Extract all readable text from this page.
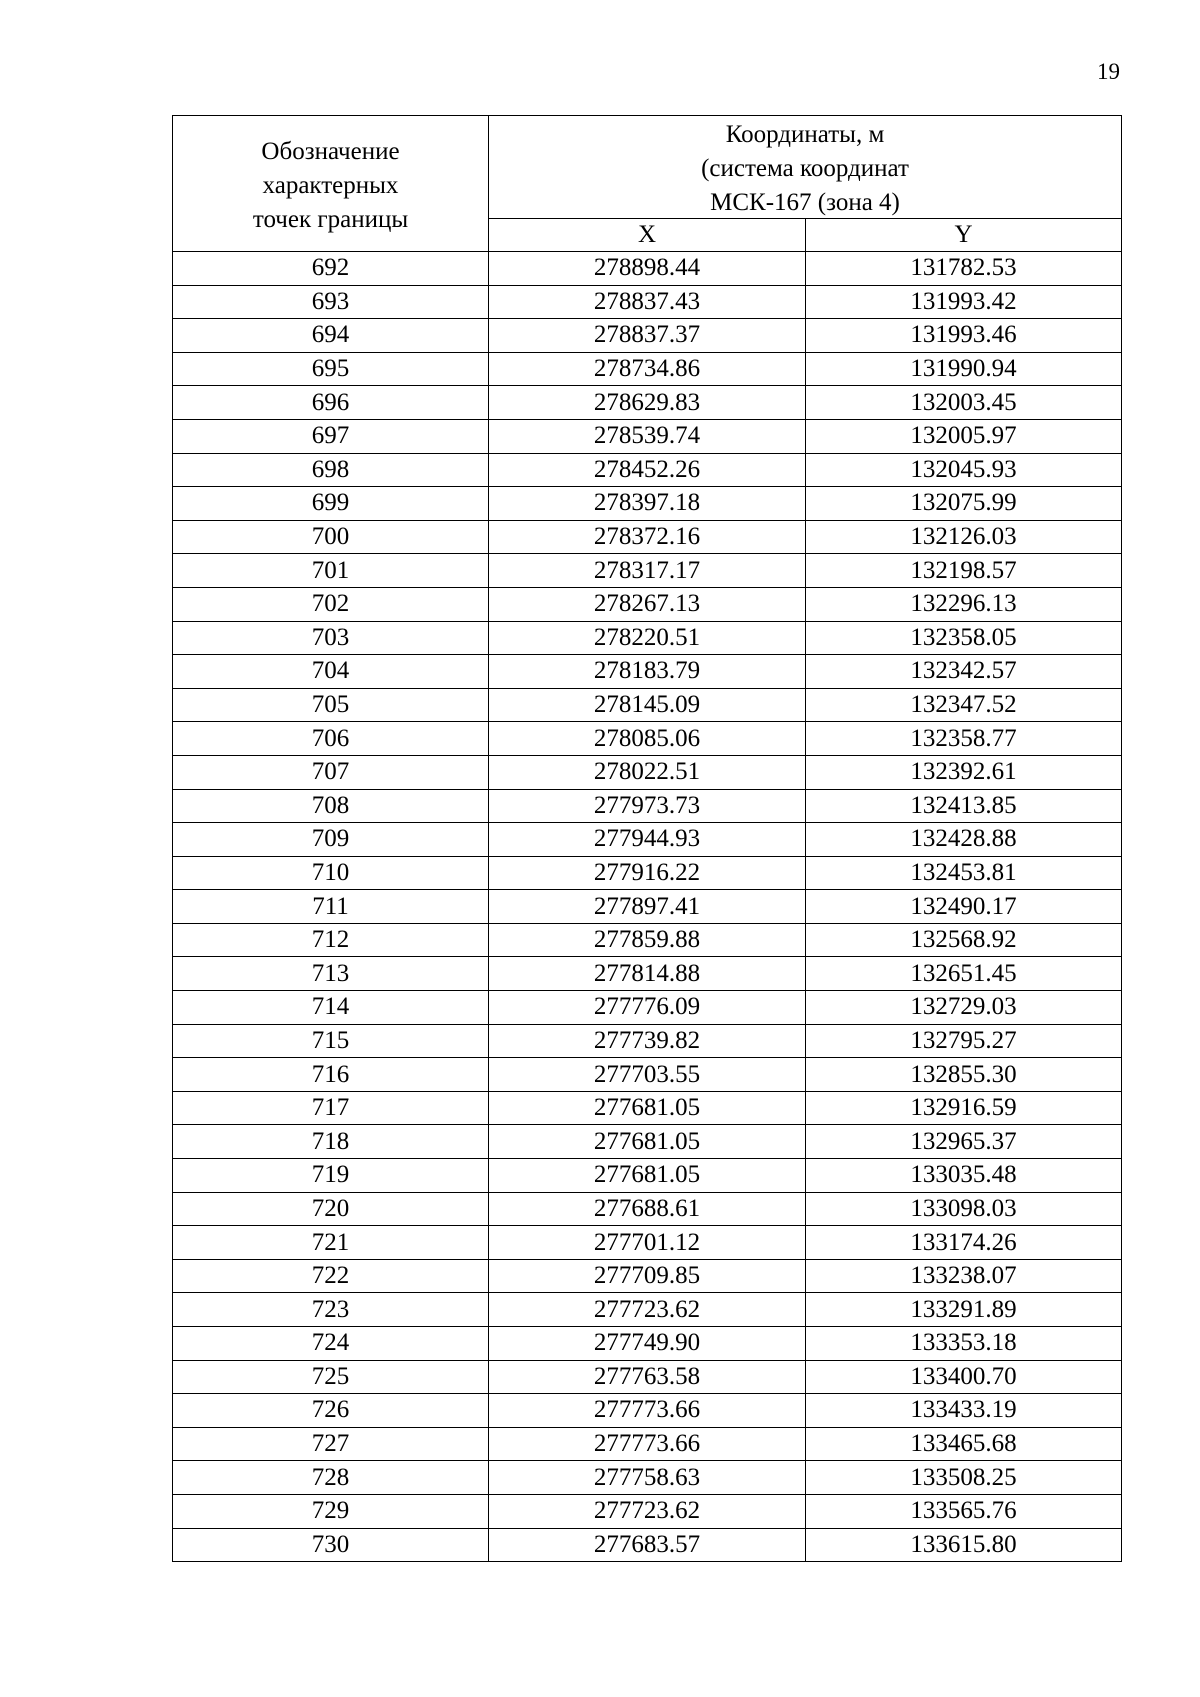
19
Обозначение
характерных
точек границы	Координаты, м
(система координат
МСК-167 (зона 4)	

	X	Y
692	278898.44	131782.53
693	278837.43	131993.42
694	278837.37	131993.46
695	278734.86	131990.94
696	278629.83	132003.45
697	278539.74	132005.97
698	278452.26	132045.93
699	278397.18	132075.99
700	278372.16	132126.03
701	278317.17	132198.57
702	278267.13	132296.13
703	278220.51	132358.05
704	278183.79	132342.57
705	278145.09	132347.52
706	278085.06	132358.77
707	278022.51	132392.61
708	277973.73	132413.85
709	277944.93	132428.88
710	277916.22	132453.81
711	277897.41	132490.17
712	277859.88	132568.92
713	277814.88	132651.45
714	277776.09	132729.03
715	277739.82	132795.27
716	277703.55	132855.30
717	277681.05	132916.59
718	277681.05	132965.37
719	277681.05	133035.48
720	277688.61	133098.03
721	277701.12	133174.26
722	277709.85	133238.07
723	277723.62	133291.89
724	277749.90	133353.18
725	277763.58	133400.70
726	277773.66	133433.19
727	277773.66	133465.68
728	277758.63	133508.25
729	277723.62	133565.76
730	277683.57	133615.80
